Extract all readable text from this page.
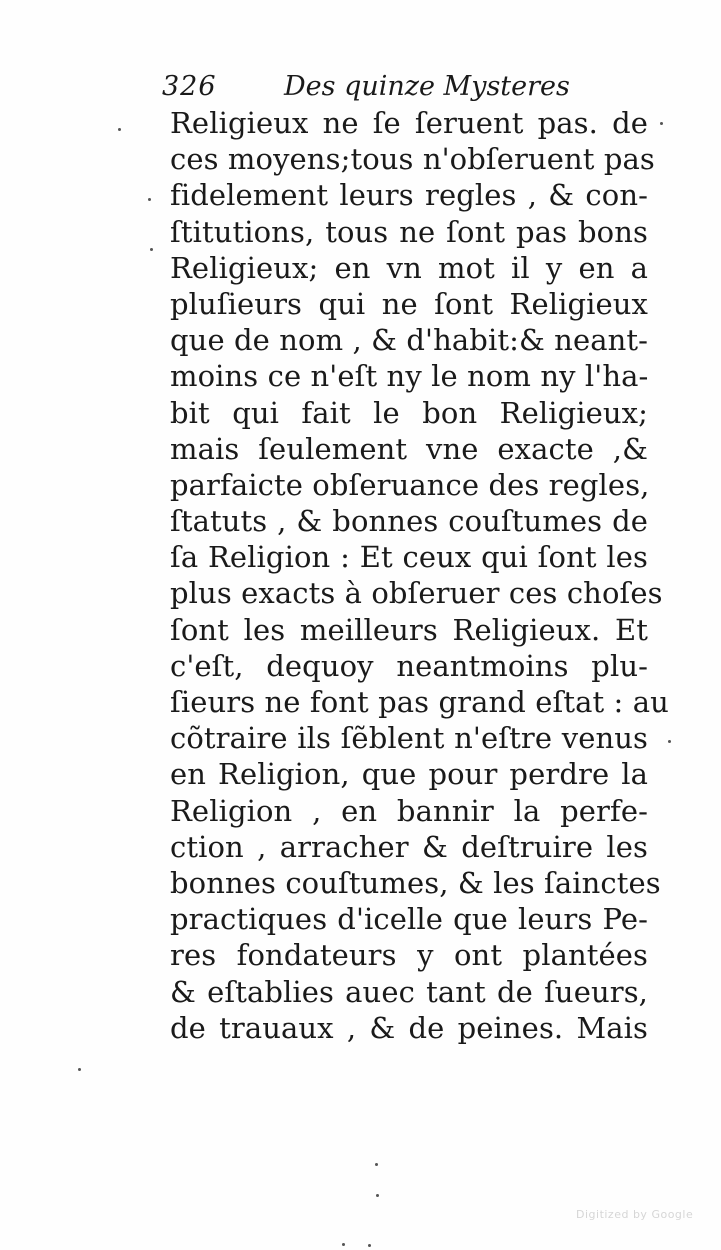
326 Des quinze Mysteres
Religieux ne ſe ſeruent pas. de
ces moyens;tous n'obſeruent pas
fidelement leurs regles , & con-
ſtitutions, tous ne ſont pas bons
Religieux; en vn mot il y en a
pluſieurs qui ne ſont Religieux
que de nom , & d'habit:& neant-
moins ce n'eſt ny le nom ny l'ha-
bit qui fait le bon Religieux;
mais ſeulement vne exacte ,&
parfaicte obſeruance des regles,
ſtatuts , & bonnes couſtumes de
ſa Religion : Et ceux qui ſont les
plus exacts à obſeruer ces choſes
ſont les meilleurs Religieux. Et
c'eſt, dequoy neantmoins plu-
ſieurs ne font pas grand eſtat : au
cõtraire ils ſẽblent n'eſtre venus
en Religion, que pour perdre la
Religion , en bannir la perfe-
ction , arracher & deſtruire les
bonnes couſtumes, & les ſainctes
practiques d'icelle que leurs Pe-
res fondateurs y ont plantées
& eſtablies auec tant de ſueurs,
de trauaux , & de peines. Mais
Digitized by Google
